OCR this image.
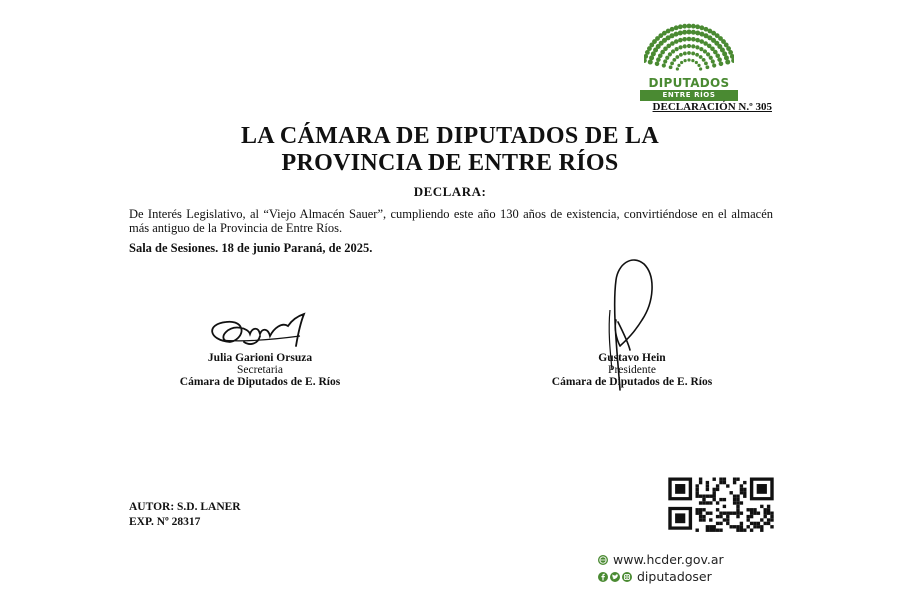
DIPUTADOS
ENTRE RÍOS
DECLARACIÓN N.º 305
LA CÁMARA DE DIPUTADOS DE LA
PROVINCIA DE ENTRE RÍOS
DECLARA:
De Interés Legislativo, al “Viejo Almacén Sauer”, cumpliendo este año 130 años de existencia, convirtiéndose en el almacén más antiguo de la Provincia de Entre Ríos.
Sala de Sesiones. 18 de junio Paraná, de 2025.
Julia Garioni Orsuza
Secretaria
Cámara de Diputados de E. Ríos
Gustavo Hein
Presidente
Cámara de Diputados de E. Ríos
AUTOR: S.D. LANER
EXP. Nº 28317
www.hcder.gov.ar
diputadoser
